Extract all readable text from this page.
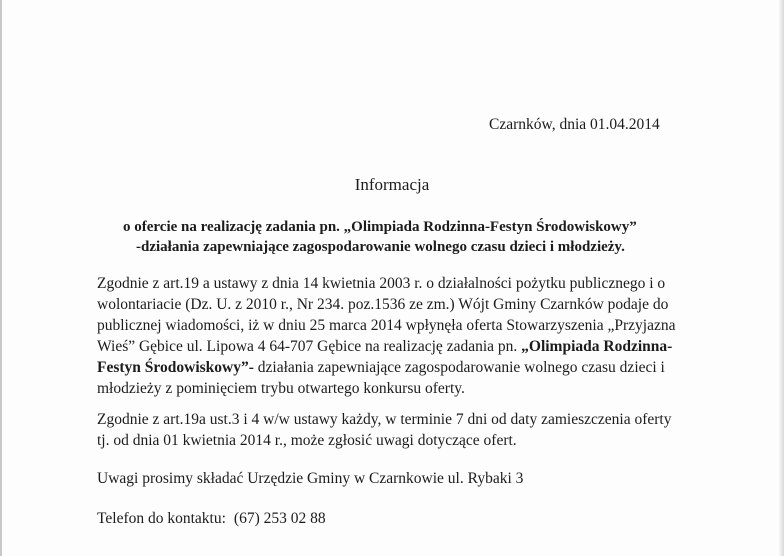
Czarnków, dnia 01.04.2014
Informacja
o ofercie na realizację zadania pn. „Olimpiada Rodzinna-Festyn Środowiskowy”
-działania zapewniające zagospodarowanie wolnego czasu dzieci i młodzieży.
Zgodnie z art.19 a ustawy z dnia 14 kwietnia 2003 r. o działalności pożytku publicznego i o
wolontariacie (Dz. U. z 2010 r., Nr 234. poz.1536 ze zm.) Wójt Gminy Czarnków podaje do
publicznej wiadomości, iż w dniu 25 marca 2014 wpłynęła oferta Stowarzyszenia „Przyjazna
Wieś” Gębice ul. Lipowa 4 64-707 Gębice na realizację zadania pn. „Olimpiada Rodzinna-
Festyn Środowiskowy”- działania zapewniające zagospodarowanie wolnego czasu dzieci i
młodzieży z pominięciem trybu otwartego konkursu oferty.
Zgodnie z art.19a ust.3 i 4 w/w ustawy każdy, w terminie 7 dni od daty zamieszczenia oferty
tj. od dnia 01 kwietnia 2014 r., może zgłosić uwagi dotyczące ofert.
Uwagi prosimy składać Urzędzie Gminy w Czarnkowie ul. Rybaki 3
Telefon do kontaktu: (67) 253 02 88
